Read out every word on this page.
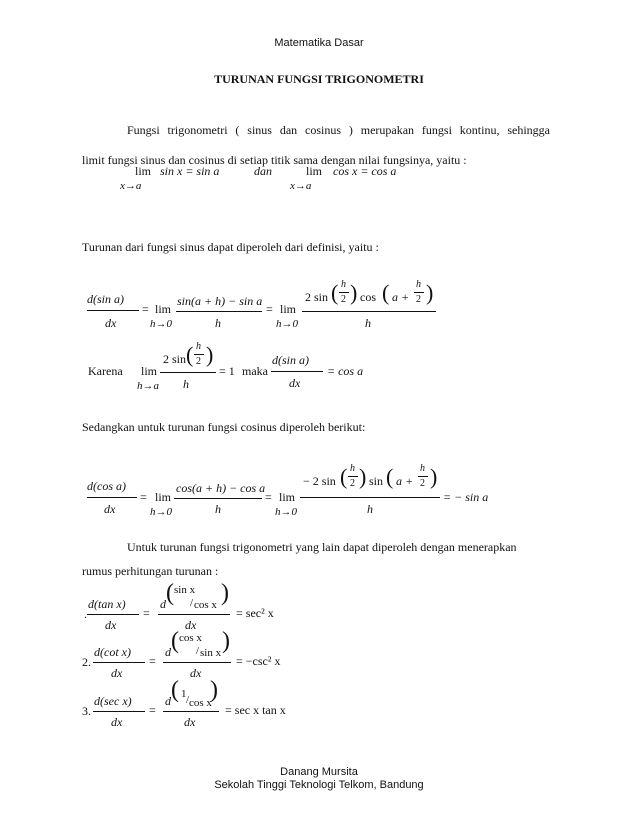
Matematika Dasar
TURUNAN FUNGSI TRIGONOMETRI
Fungsi trigonometri ( sinus dan cosinus ) merupakan fungsi kontinu, sehingga
limit fungsi sinus dan cosinus di setiap titik sama dengan nilai fungsinya, yaitu :
lim
x→a
sin x = sin a	dan	lim
x→a
cos x = cos a
Turunan dari fungsi sinus dapat diperoleh dari definisi, yaitu :
d(sin a)
dx
= lim
h→0
sin(a + h) − sin a
h
= lim
h→0
2 sin ( h
2 ) cos ( a +
h
2 )
h
Karena lim
h→a
2 sin ( h
2 )
h
= 1 maka
d(sin a)
dx
= cos a
Sedangkan untuk turunan fungsi cosinus diperoleh berikut:
d(cos a)
dx
= lim
h→0
cos(a + h) − cos a
h
= lim
h→0
− 2 sin ( h
2 ) sin ( a +
h
2 )
h
= − sin a
Untuk turunan fungsi trigonometri yang lain dapat diperoleh dengan menerapkan
rumus perhitungan turunan :
.
d(tan x)
dx
=
d ( sin x
/ cos x )
dx
= sec² x
2.
d(cot x)
dx
=
d ( cos x
/ sin x )
dx
= −csc² x
3.
d(sec x)
dx
=
d ( 1 / cos x
)
dx
= sec x tan x
Danang Mursita
Sekolah Tinggi Teknologi Telkom, Bandung
